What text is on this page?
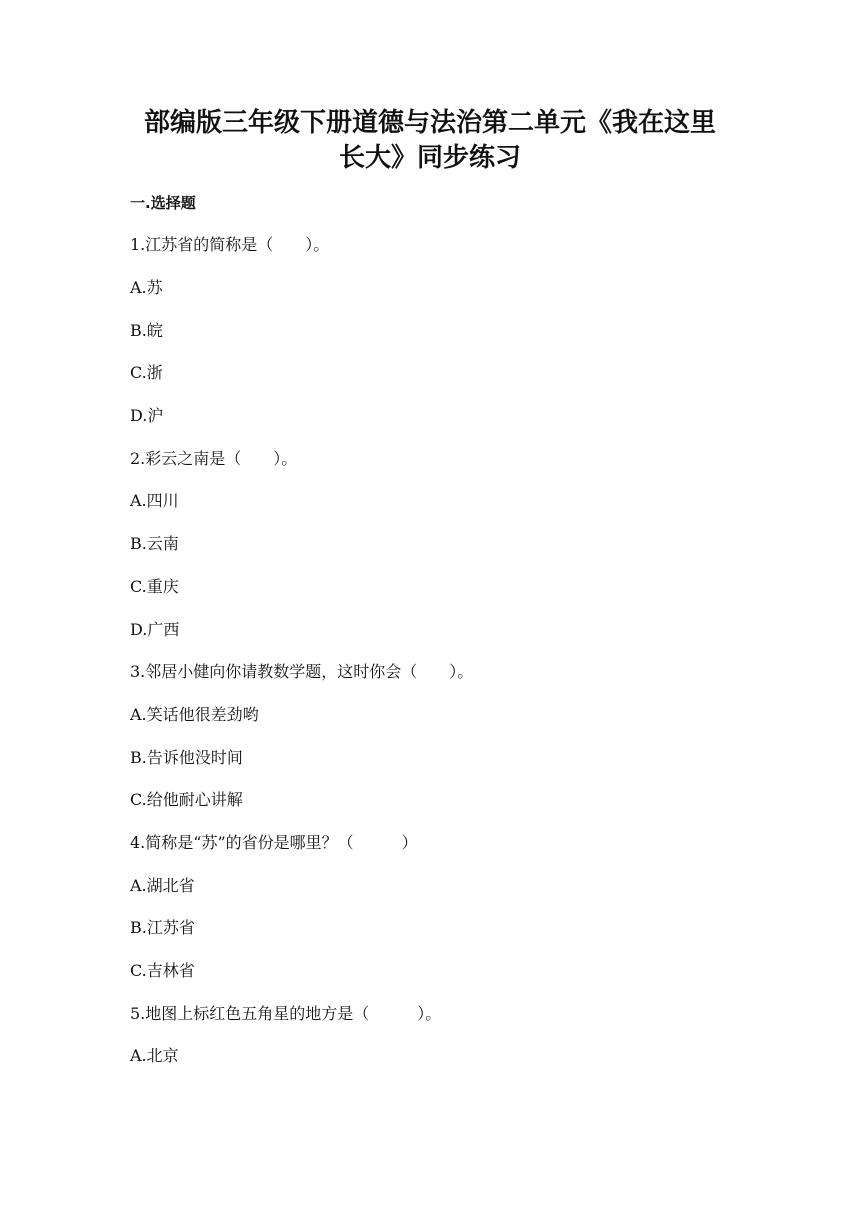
部编版三年级下册道德与法治第二单元《我在这里
长大》同步练习
一.选择题

1.江苏省的简称是（　　）。

A.苏

B.皖

C.浙

D.沪

2.彩云之南是（　　）。

A.四川

B.云南

C.重庆

D.广西

3.邻居小健向你请教数学题，这时你会（　　）。

A.笑话他很差劲哟

B.告诉他没时间

C.给他耐心讲解

4.简称是“苏”的省份是哪里？（　　　）

A.湖北省

B.江苏省

C.吉林省

5.地图上标红色五角星的地方是（　　　）。

A.北京
